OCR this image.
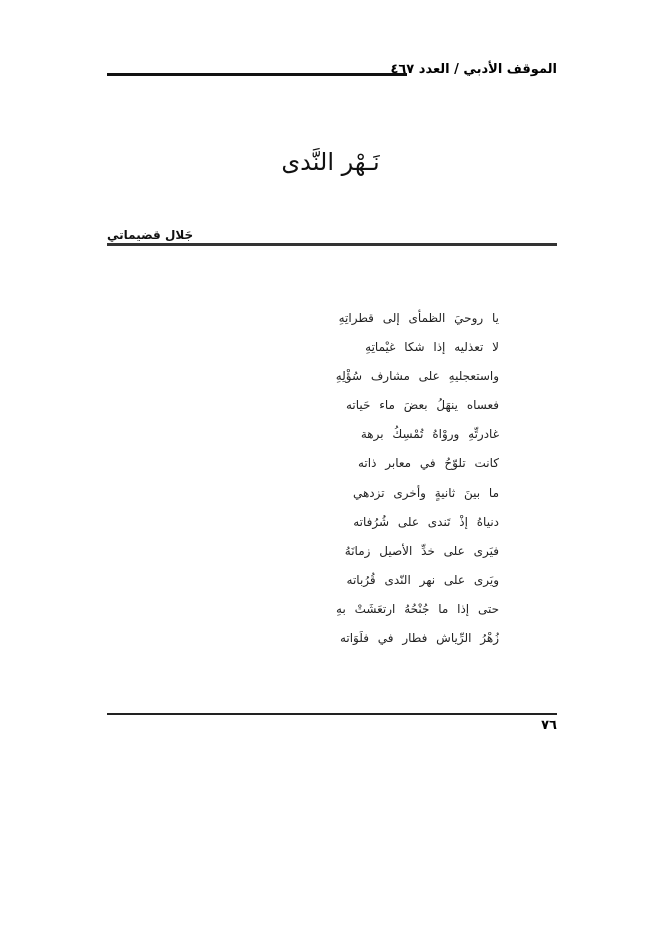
الموقف الأدبي / العدد ٤٦٧
نَـهْر النَّدى
جَلال قضيماتي
يا روحيَ الظمأى إلى قطراتِهِ
لا تعذليه إذا شكا غيْماتِهِ
واستعجليهِ على مشارف سُؤْلِهِ
فعساه ينهَلُ بعضَ ماء حَياته
غادرتِّهِ وروْاهُ تُمْسِكُ برهة
كانت تلوّحُ في معابر ذاته
ما بينَ ثانيةٍ وأخرى تزدهي
دنياهُ إذْ تَندى على شُرُفاته
فيَرى على خدِّ الأصيل زمانَهُ
ويَرى على نهر النّدى قُرُباته
حتى إذا ما جُنْحُهُ ارتعَشَتْ بهِ
زُهْرُ الرِّياش فطار في فلَوَاته
٧٦
